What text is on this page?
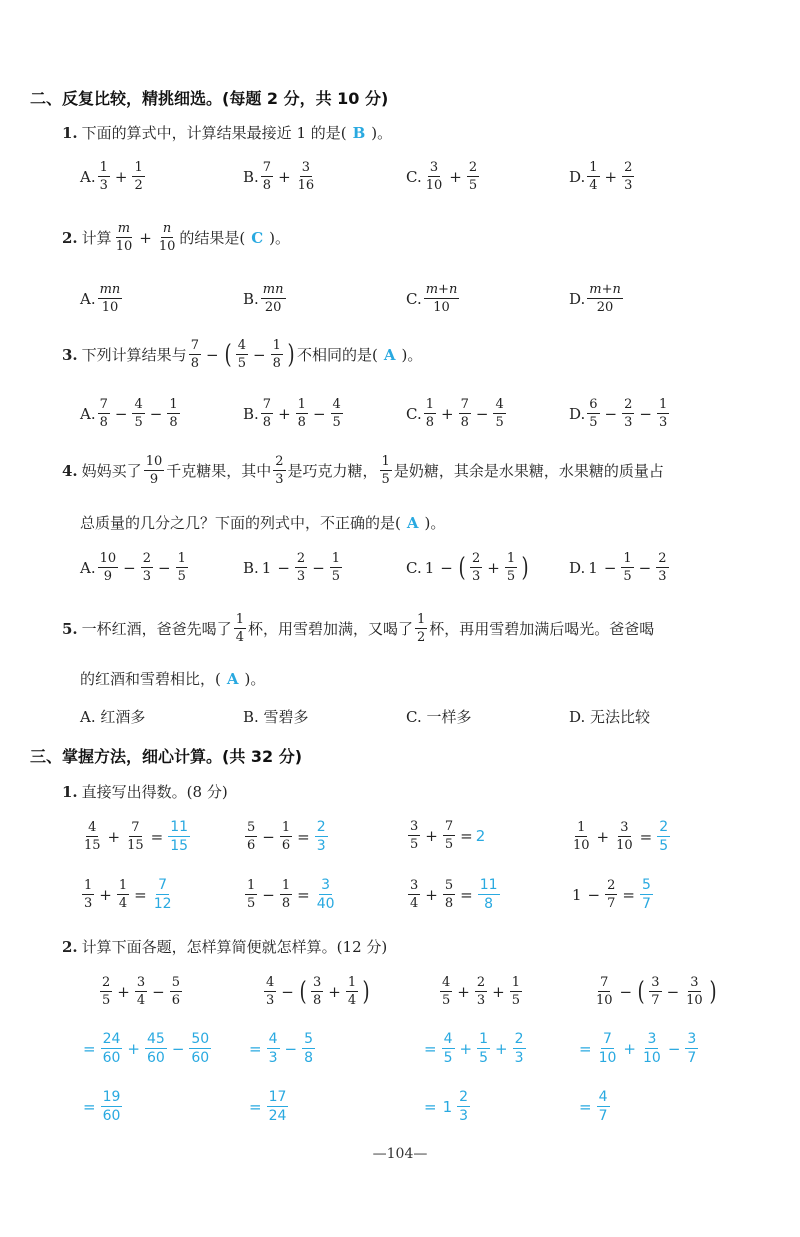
二、反复比较，精挑细选。(每题 2 分，共 10 分)
1. 下面的算式中，计算结果最接近 1 的是( B )。
A. $\frac{1}{3} + \frac{1}{2}$	B. $\frac{7}{8} + \frac{3}{16}$	C. $\frac{3}{10} + \frac{2}{5}$	D. $\frac{1}{4} + \frac{2}{3}$
2. 计算 $\frac{m}{10} + \frac{n}{10}$ 的结果是( C )。
A. $\frac{mn}{10}$	B. $\frac{mn}{20}$	C. $\frac{m+n}{10}$	D. $\frac{m+n}{20}$
3. 下列计算结果与 $\frac{7}{8}$ − ( $\frac{4}{5} - \frac{1}{8}$ ) 不相同的是( A )。
A. $\frac{7}{8} - \frac{4}{5} - \frac{1}{8}$	B. $\frac{7}{8} + \frac{1}{8} - \frac{4}{5}$	C. $\frac{1}{8} + \frac{7}{8} - \frac{4}{5}$	D. $\frac{6}{5} - \frac{2}{3} - \frac{1}{3}$
4. 妈妈买了 $\frac{10}{9}$ 千克糖果，其中 $\frac{2}{3}$ 是巧克力糖， $\frac{1}{5}$ 是奶糖，其余是水果糖，水果糖的质量占
总质量的几分之几？下面的列式中，不正确的是( A )。
A. $\frac{10}{9} - \frac{2}{3} - \frac{1}{5}$	B. $1 - \frac{2}{3} - \frac{1}{5}$	C. 1 − ( $\frac{2}{3} + \frac{1}{5}$ )	D. $1 - \frac{1}{5} - \frac{2}{3}$
5. 一杯红酒，爸爸先喝了 $\frac{1}{4}$ 杯，用雪碧加满，又喝了 $\frac{1}{2}$ 杯，再用雪碧加满后喝光。爸爸喝
的红酒和雪碧相比，( A )。
A. 红酒多	B. 雪碧多	C. 一样多	D. 无法比较
三、掌握方法，细心计算。(共 32 分)
1. 直接写出得数。(8 分)
$\frac{4}{15} + \frac{7}{15} = \frac{11}{15}$	$\frac{5}{6} - \frac{1}{6} = \frac{2}{3}$	$\frac{3}{5} + \frac{7}{5} = 2$	$\frac{1}{10} + \frac{3}{10} = \frac{2}{5}$
$\frac{1}{3} + \frac{1}{4} = \frac{7}{12}$	$\frac{1}{5} - \frac{1}{8} = \frac{3}{40}$	$\frac{3}{4} + \frac{5}{8} = \frac{11}{8}$	$1 - \frac{2}{7} = \frac{5}{7}$
2. 计算下面各题，怎样算简便就怎样算。(12 分)
$\frac{2}{5} + \frac{3}{4} - \frac{5}{6}$
= $\frac{24}{60} + \frac{45}{60} - \frac{50}{60}$
= $\frac{19}{60}$
$\frac{4}{3}$ − ( $\frac{3}{8} + \frac{1}{4}$ )
= $\frac{4}{3} - \frac{5}{8}$
= $\frac{17}{24}$
$\frac{4}{5} + \frac{2}{3} + \frac{1}{5}$
= $\frac{4}{5} + \frac{1}{5} + \frac{2}{3}$
= $1 \frac{2}{3}$
$\frac{7}{10}$ − ( $\frac{3}{7} - \frac{3}{10}$ )
= $\frac{7}{10} + \frac{3}{10} - \frac{3}{7}$
= $\frac{4}{7}$
—104—
